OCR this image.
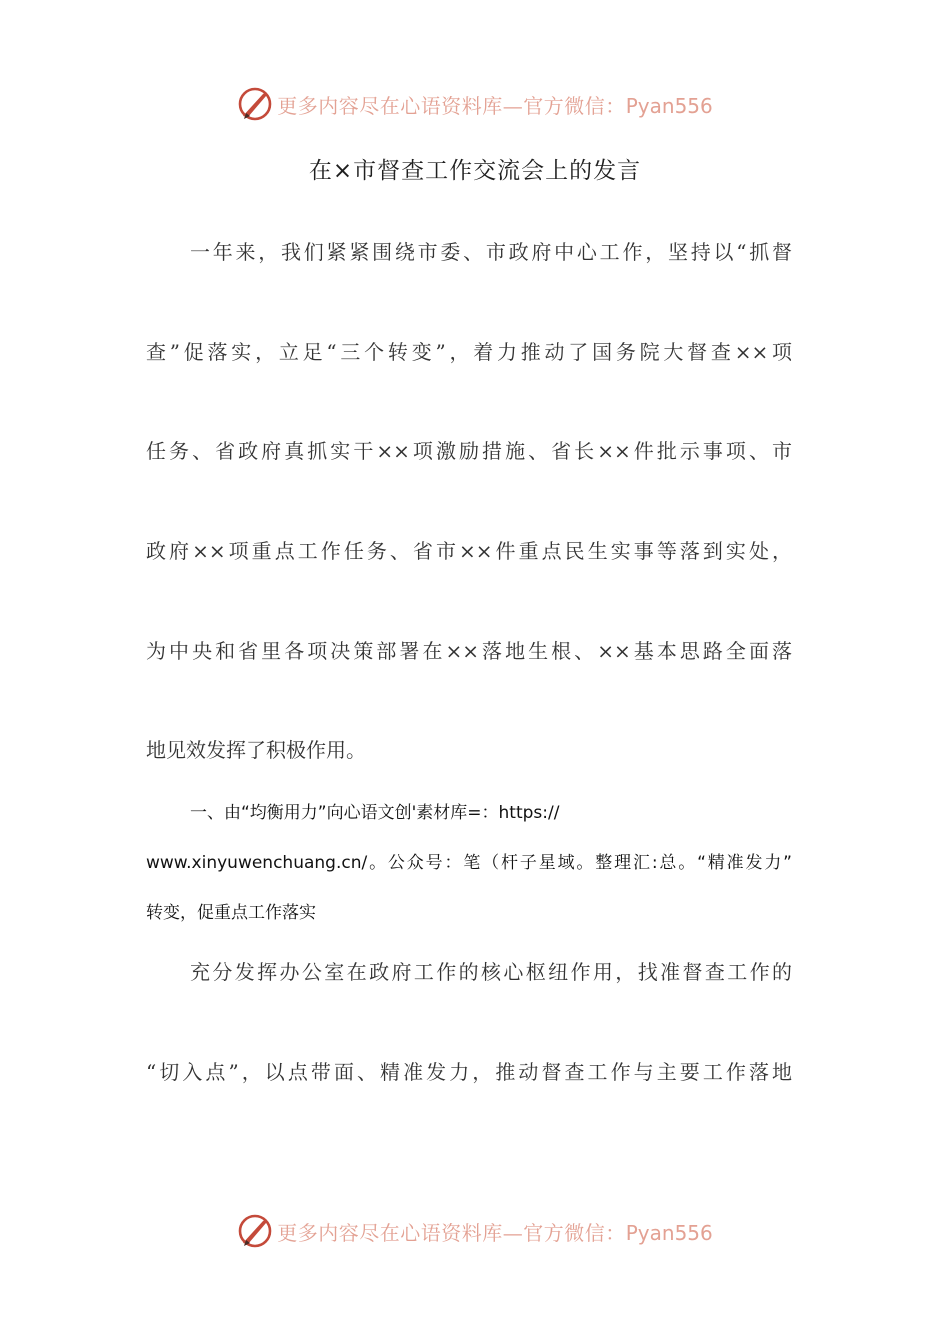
更多内容尽在心语资料库—官方微信：Pyan556
在×市督查工作交流会上的发言
一年来，我们紧紧围绕市委、市政府中心工作，坚持以“抓督
查”促落实，立足“三个转变”，着力推动了国务院大督查××项
任务、省政府真抓实干××项激励措施、省长××件批示事项、市
政府××项重点工作任务、省市××件重点民生实事等落到实处，
为中央和省里各项决策部署在××落地生根、××基本思路全面落
地见效发挥了积极作用。
一、由“均衡用力”向心语文创'素材库=：https://
www.xinyuwenchuang.cn/。公众号：笔（杆子星域。整理汇:总。“精准发力”
转变，促重点工作落实
充分发挥办公室在政府工作的核心枢纽作用，找准督查工作的
“切入点”，以点带面、精准发力，推动督查工作与主要工作落地
更多内容尽在心语资料库—官方微信：Pyan556
